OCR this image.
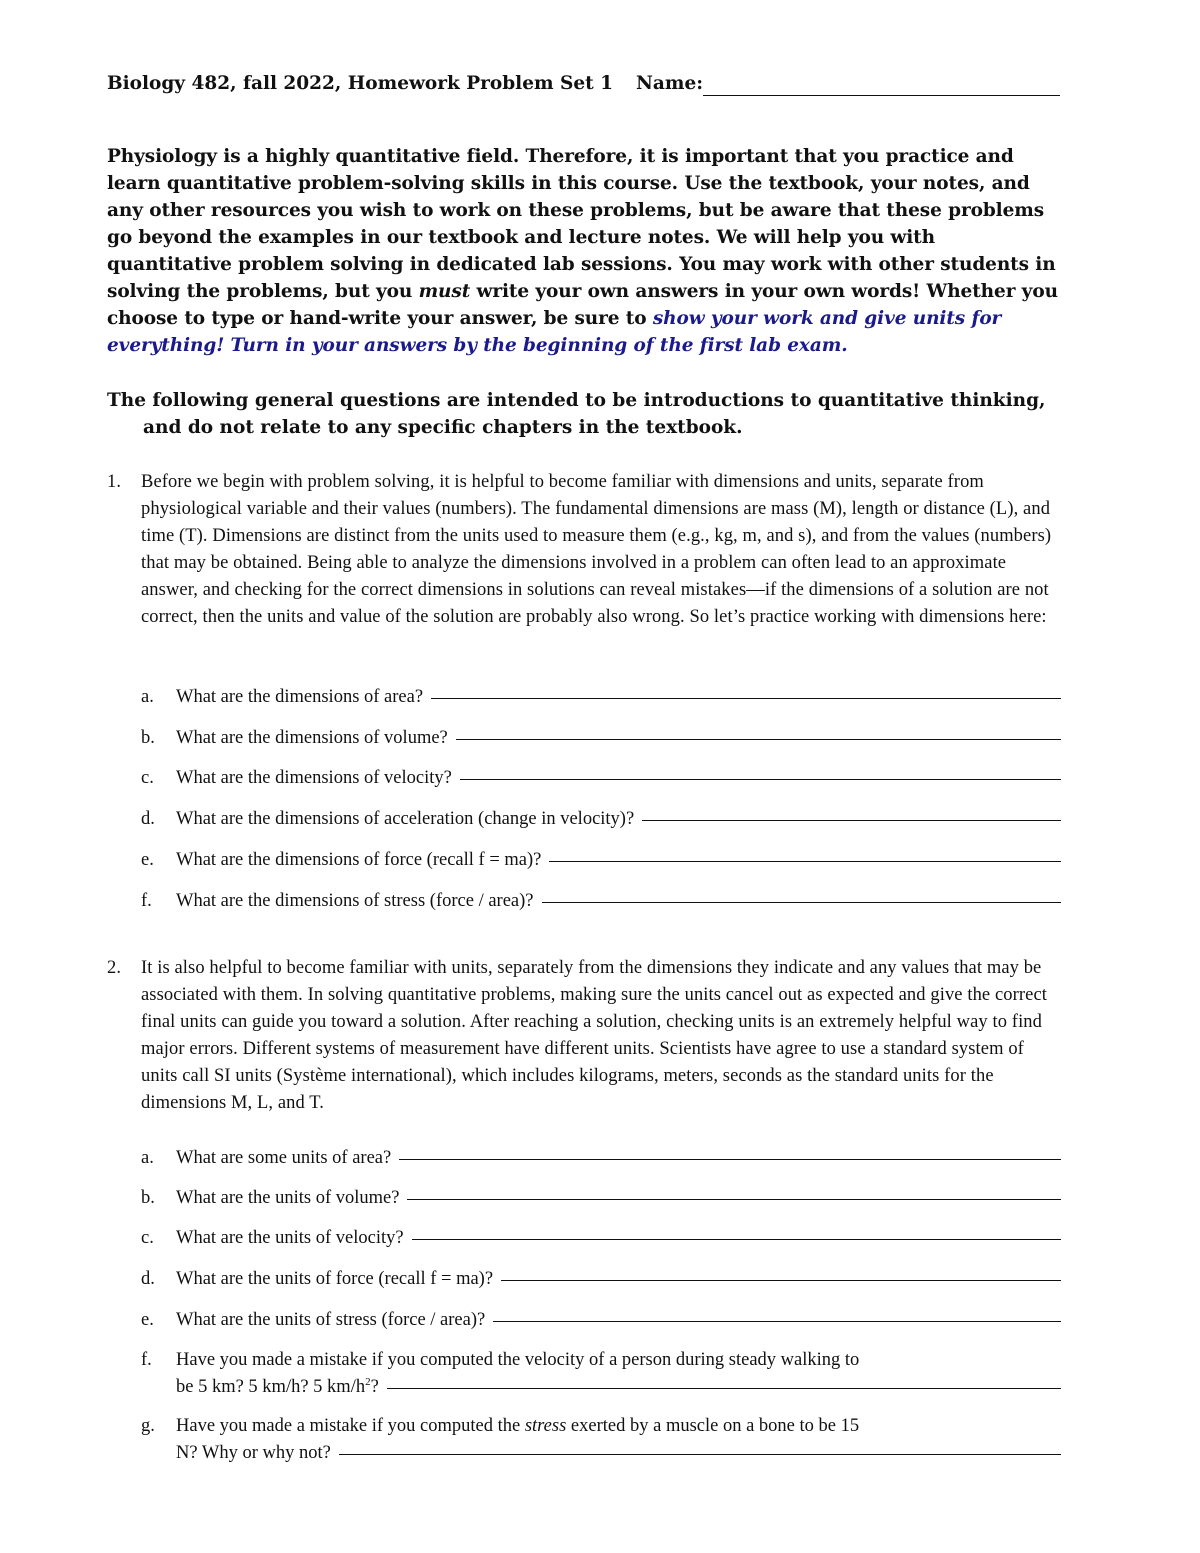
Biology 482, fall 2022, Homework Problem Set 1 Name:
Physiology is a highly quantitative field. Therefore, it is important that you practice and learn quantitative problem-solving skills in this course. Use the textbook, your notes, and any other resources you wish to work on these problems, but be aware that these problems go beyond the examples in our textbook and lecture notes. We will help you with quantitative problem solving in dedicated lab sessions. You may work with other students in solving the problems, but you must write your own answers in your own words! Whether you choose to type or hand-write your answer, be sure to show your work and give units for everything! Turn in your answers by the beginning of the first lab exam.
The following general questions are intended to be introductions to quantitative thinking, and do not relate to any specific chapters in the textbook.
1. Before we begin with problem solving, it is helpful to become familiar with dimensions and units, separate from physiological variable and their values (numbers). The fundamental dimensions are mass (M), length or distance (L), and time (T). Dimensions are distinct from the units used to measure them (e.g., kg, m, and s), and from the values (numbers) that may be obtained. Being able to analyze the dimensions involved in a problem can often lead to an approximate answer, and checking for the correct dimensions in solutions can reveal mistakes—if the dimensions of a solution are not correct, then the units and value of the solution are probably also wrong. So let’s practice working with dimensions here:
a. What are the dimensions of area?
b. What are the dimensions of volume?
c. What are the dimensions of velocity?
d. What are the dimensions of acceleration (change in velocity)?
e. What are the dimensions of force (recall f = ma)?
f. What are the dimensions of stress (force / area)?
2. It is also helpful to become familiar with units, separately from the dimensions they indicate and any values that may be associated with them. In solving quantitative problems, making sure the units cancel out as expected and give the correct final units can guide you toward a solution. After reaching a solution, checking units is an extremely helpful way to find major errors. Different systems of measurement have different units. Scientists have agree to use a standard system of units call SI units (Système international), which includes kilograms, meters, seconds as the standard units for the dimensions M, L, and T.
a. What are some units of area?
b. What are the units of volume?
c. What are the units of velocity?
d. What are the units of force (recall f = ma)?
e. What are the units of stress (force / area)?
f. Have you made a mistake if you computed the velocity of a person during steady walking to
be 5 km? 5 km/h? 5 $km/h^2$?
g. Have you made a mistake if you computed the stress exerted by a muscle on a bone to be 15
N? Why or why not?
